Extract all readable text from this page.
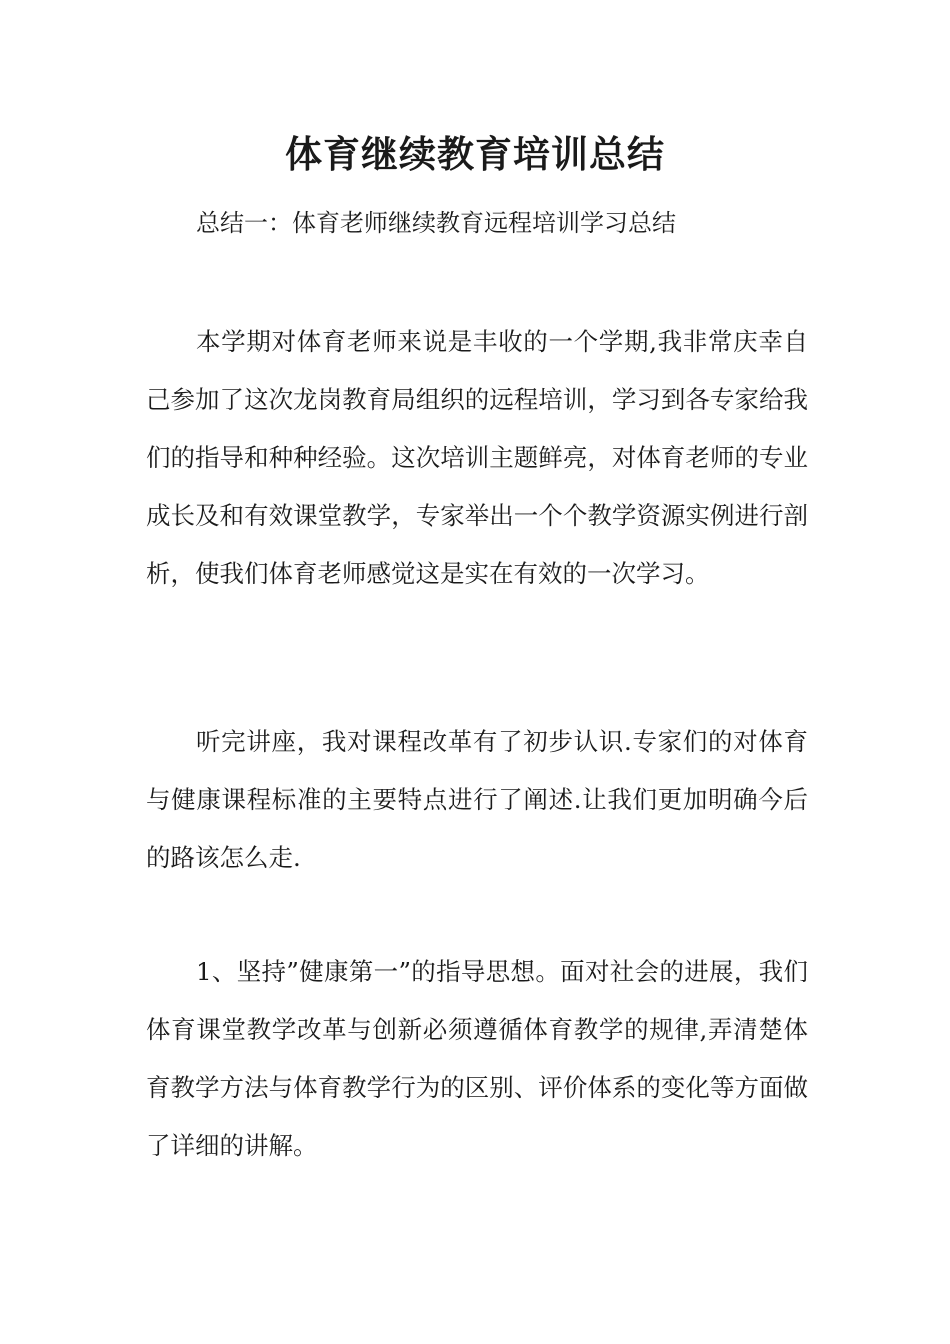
体育继续教育培训总结
总结一：体育老师继续教育远程培训学习总结

本学期对体育老师来说是丰收的一个学期,我非常庆幸自己参加了这次龙岗教育局组织的远程培训，学习到各专家给我们的指导和种种经验。这次培训主题鲜亮，对体育老师的专业成长及和有效课堂教学，专家举出一个个教学资源实例进行剖析，使我们体育老师感觉这是实在有效的一次学习。

听完讲座，我对课程改革有了初步认识.专家们的对体育与健康课程标准的主要特点进行了阐述.让我们更加明确今后的路该怎么走.

1、坚持”健康第一”的指导思想。面对社会的进展，我们体育课堂教学改革与创新必须遵循体育教学的规律,弄清楚体育教学方法与体育教学行为的区别、评价体系的变化等方面做了详细的讲解。
